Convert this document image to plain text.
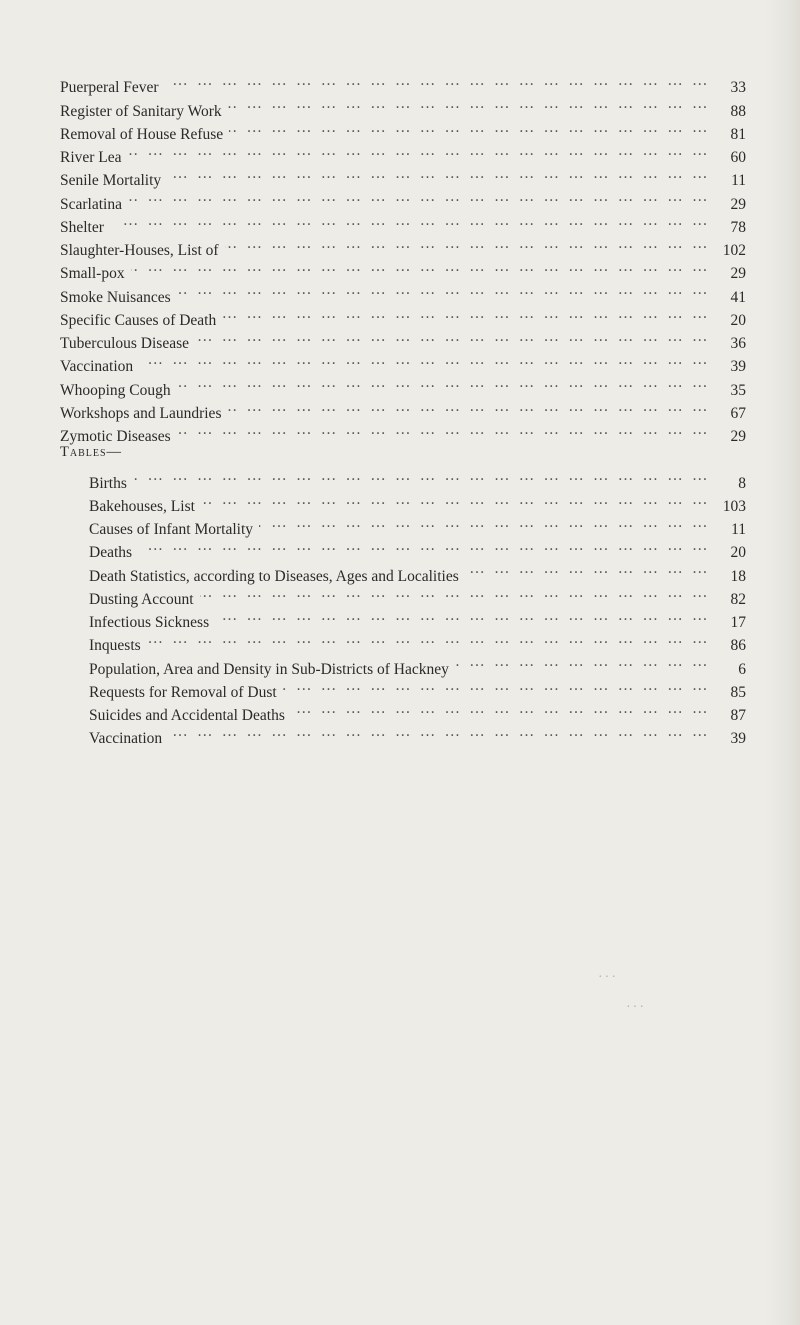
Puerperal Fever … … … … … … … … … … … … … … … … … … … … … … … …	33
Register of Sanitary Work … … … … … … … … … … … … … … … … … … … … … … … …	88
Removal of House Refuse … … … … … … … … … … … … … … … … … … … … … … … …	81
River Lea … … … … … … … … … … … … … … … … … … … … … … … …	60
Senile Mortality … … … … … … … … … … … … … … … … … … … … … … … …	11
Scarlatina … … … … … … … … … … … … … … … … … … … … … … … …	29
Shelter … … … … … … … … … … … … … … … … … … … … … … … …	78
Slaughter-Houses, List of … … … … … … … … … … … … … … … … … … … … … … … …	102
Small-pox … … … … … … … … … … … … … … … … … … … … … … … …	29
Smoke Nuisances … … … … … … … … … … … … … … … … … … … … … … … …	41
Specific Causes of Death … … … … … … … … … … … … … … … … … … … … … … … …	20
Tuberculous Disease … … … … … … … … … … … … … … … … … … … … … … … …	36
Vaccination … … … … … … … … … … … … … … … … … … … … … … … …	39
Whooping Cough … … … … … … … … … … … … … … … … … … … … … … … …	35
Workshops and Laundries … … … … … … … … … … … … … … … … … … … … … … … …	67
Zymotic Diseases … … … … … … … … … … … … … … … … … … … … … … … …	29
Tables—
Births … … … … … … … … … … … … … … … … … … … … … … … …	8
Bakehouses, List … … … … … … … … … … … … … … … … … … … … … … … …	103
Causes of Infant Mortality … … … … … … … … … … … … … … … … … … … … … … … …	11
Deaths … … … … … … … … … … … … … … … … … … … … … … … …	20
Death Statistics, according to Diseases, Ages and Localities … … … … … … … … … … … … … … … … … … … … … … … …	18
Dusting Account … … … … … … … … … … … … … … … … … … … … … … … …	82
Infectious Sickness … … … … … … … … … … … … … … … … … … … … … … … …	17
Inquests … … … … … … … … … … … … … … … … … … … … … … … …	86
Population, Area and Density in Sub-Districts of Hackney … … … … … … … … … … … … … … … … … … … … … … … …	6
Requests for Removal of Dust … … … … … … … … … … … … … … … … … … … … … … … …	85
Suicides and Accidental Deaths … … … … … … … … … … … … … … … … … … … … … … … …	87
Vaccination … … … … … … … … … … … … … … … … … … … … … … … …	39
···
···
